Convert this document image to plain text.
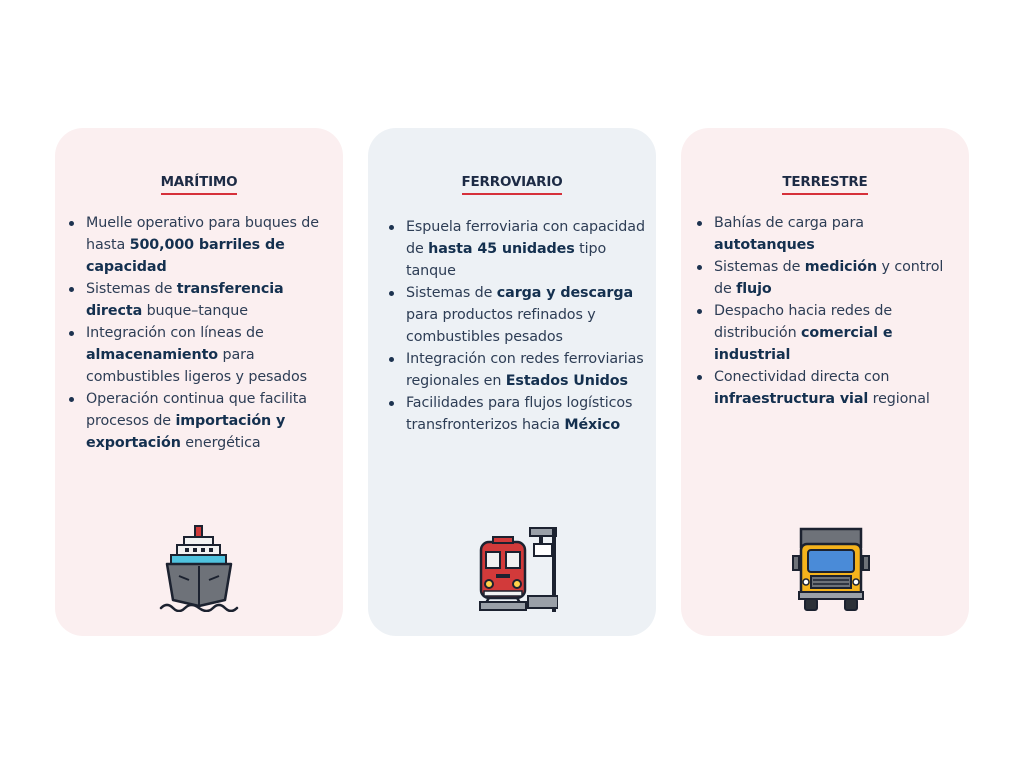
MARÍTIMO
Muelle operativo para buques de hasta 500,000 barriles de capacidad
Sistemas de transferencia directa buque–tanque
Integración con líneas de almacenamiento para combustibles ligeros y pesados
Operación continua que facilita procesos de importación y exportación energética
FERROVIARIO
Espuela ferroviaria con capacidad de hasta 45 unidades tipo tanque
Sistemas de carga y descarga para productos refinados y combustibles pesados
Integración con redes ferroviarias regionales en Estados Unidos
Facilidades para flujos logísticos transfronterizos hacia México
TERRESTRE
Bahías de carga para autotanques
Sistemas de medición y control de flujo
Despacho hacia redes de distribución comercial e industrial
Conectividad directa con infraestructura vial regional
